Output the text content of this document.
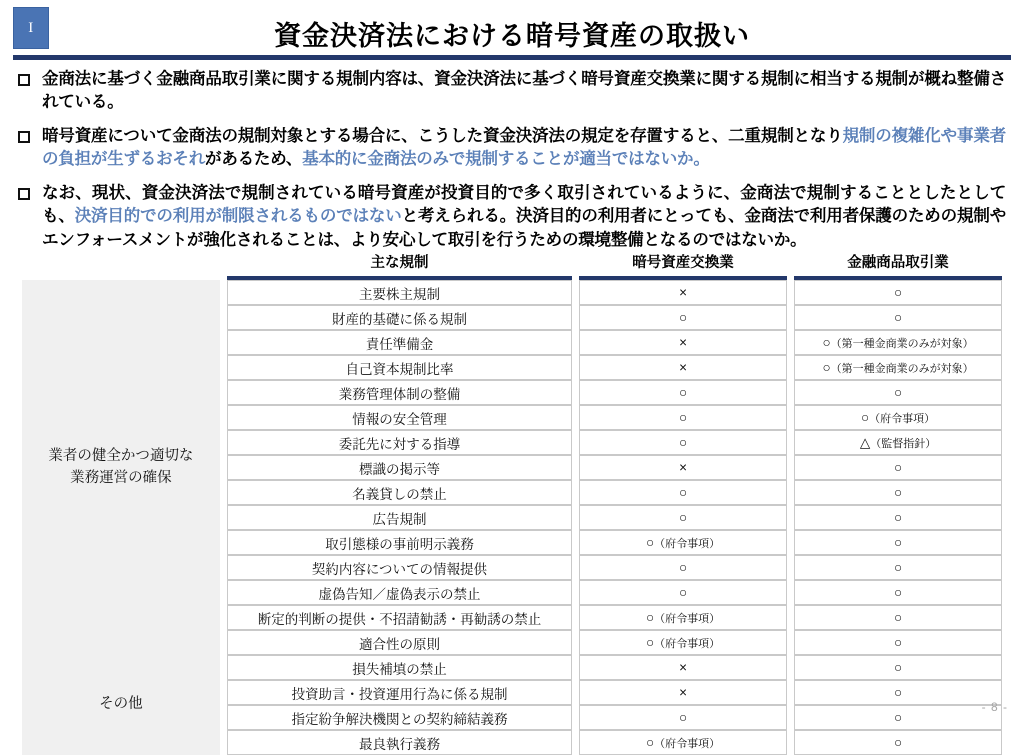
I	資金決済法における暗号資産の取扱い
金商法に基づく金融商品取引業に関する規制内容は、資金決済法に基づく暗号資産交換業に関する規制に相当する規制が概ね整備されている。
暗号資産について金商法の規制対象とする場合に、こうした資金決済法の規定を存置すると、二重規制となり規制の複雑化や事業者の負担が生ずるおそれがあるため、基本的に金商法のみで規制することが適当ではないか。
なお、現状、資金決済法で規制されている暗号資産が投資目的で多く取引されているように、金商法で規制することとしたとしても、決済目的での利用が制限されるものではないと考えられる。決済目的の利用者にとっても、金商法で利用者保護のための規制やエンフォースメントが強化されることは、より安心して取引を行うための環境整備となるのではないか。
		主な規制		暗号資産交換業		金融商品取引業

業者の健全かつ適切な
業務運営の確保		主要株主規制		×		○
		財産的基礎に係る規制		○		○
		責任準備金		×		○（第一種金商業のみが対象）
		自己資本規制比率		×		○（第一種金商業のみが対象）
		業務管理体制の整備		○		○
		情報の安全管理		○		○（府令事項）
		委託先に対する指導		○		△（監督指針）
		標識の掲示等		×		○
		名義貸しの禁止		○		○
		広告規制		○		○
		取引態様の事前明示義務		○（府令事項）		○
		契約内容についての情報提供		○		○
		虚偽告知／虚偽表示の禁止		○		○
		断定的判断の提供・不招請勧誘・再勧誘の禁止		○（府令事項）		○
		適合性の原則		○（府令事項）		○

その他		損失補填の禁止		×		○
		投資助言・投資運用行為に係る規制		×		○
		指定紛争解決機関との契約締結義務		○		○
		最良執行義務		○（府令事項）		○
- 8 -
